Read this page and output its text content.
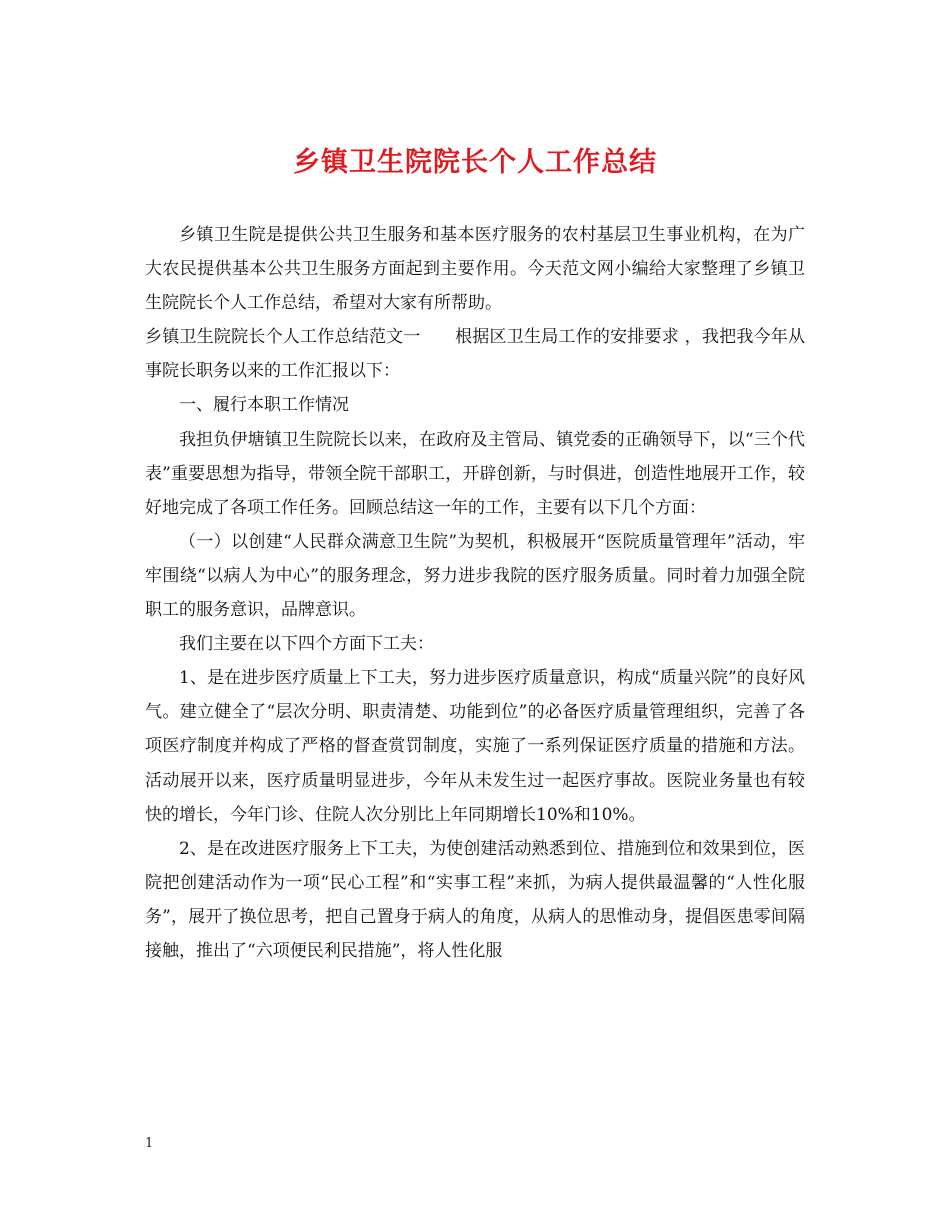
乡镇卫生院院长个人工作总结

乡镇卫生院是提供公共卫生服务和基本医疗服务的农村基层卫生事业机构，在为广大农民提供基本公共卫生服务方面起到主要作用。今天范文网小编给大家整理了乡镇卫生院院长个人工作总结，希望对大家有所帮助。

乡镇卫生院院长个人工作总结范文一　　根据区卫生局工作的安排要求 ，我把我今年从事院长职务以来的工作汇报以下：

一、履行本职工作情况

我担负伊塘镇卫生院院长以来，在政府及主管局、镇党委的正确领导下，以“三个代表”重要思想为指导，带领全院干部职工，开辟创新，与时俱进，创造性地展开工作，较好地完成了各项工作任务。回顾总结这一年的工作，主要有以下几个方面：

（一）以创建“人民群众满意卫生院”为契机，积极展开“医院质量管理年”活动，牢牢围绕“以病人为中心”的服务理念，努力进步我院的医疗服务质量。同时着力加强全院职工的服务意识，品牌意识。

我们主要在以下四个方面下工夫：

1、是在进步医疗质量上下工夫，努力进步医疗质量意识，构成“质量兴院”的良好风气。建立健全了“层次分明、职责清楚、功能到位”的必备医疗质量管理组织，完善了各项医疗制度并构成了严格的督查赏罚制度，实施了一系列保证医疗质量的措施和方法。活动展开以来，医疗质量明显进步，今年从未发生过一起医疗事故。医院业务量也有较快的增长，今年门诊、住院人次分别比上年同期增长10%和10%。

2、是在改进医疗服务上下工夫，为使创建活动熟悉到位、措施到位和效果到位，医院把创建活动作为一项“民心工程”和“实事工程”来抓，为病人提供最温馨的“人性化服务”，展开了换位思考，把自己置身于病人的角度，从病人的思惟动身，提倡医患零间隔接触，推出了“六项便民利民措施”，将人性化服

1
